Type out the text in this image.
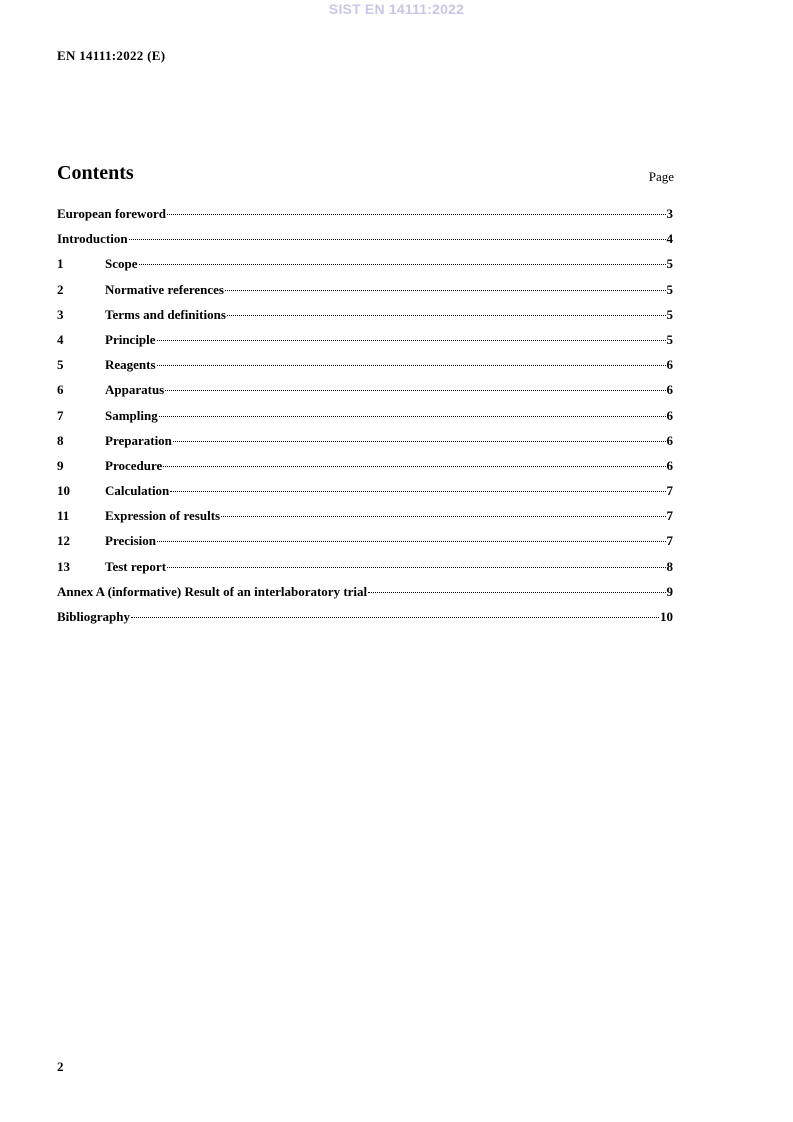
SIST EN 14111:2022
EN 14111:2022 (E)
Contents	Page
European foreword	3
Introduction	4
1	Scope	5
2	Normative references	5
3	Terms and definitions	5
4	Principle	5
5	Reagents	6
6	Apparatus	6
7	Sampling	6
8	Preparation	6
9	Procedure	6
10	Calculation	7
11	Expression of results	7
12	Precision	7
13	Test report	8
Annex A (informative) Result of an interlaboratory trial	9
Bibliography	10
2
